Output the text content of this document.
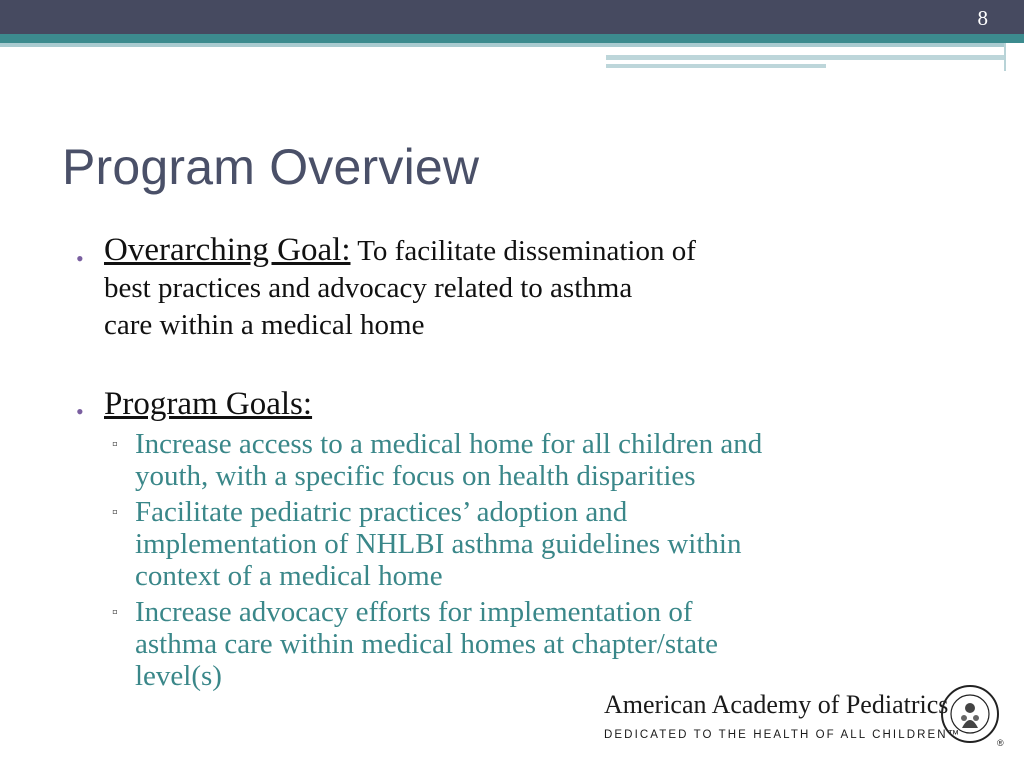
8
Program Overview
• Overarching Goal: To facilitate dissemination of
best practices and advocacy related to asthma
care within a medical home
• Program Goals:
▫ Increase access to a medical home for all children and
youth, with a specific focus on health disparities
▫ Facilitate pediatric practices’ adoption and
implementation of NHLBI asthma guidelines within
context of a medical home
▫ Increase advocacy efforts for implementation of
asthma care within medical homes at chapter/state
level(s)
American Academy of Pediatrics
DEDICATED TO THE HEALTH OF ALL CHILDREN™
®
